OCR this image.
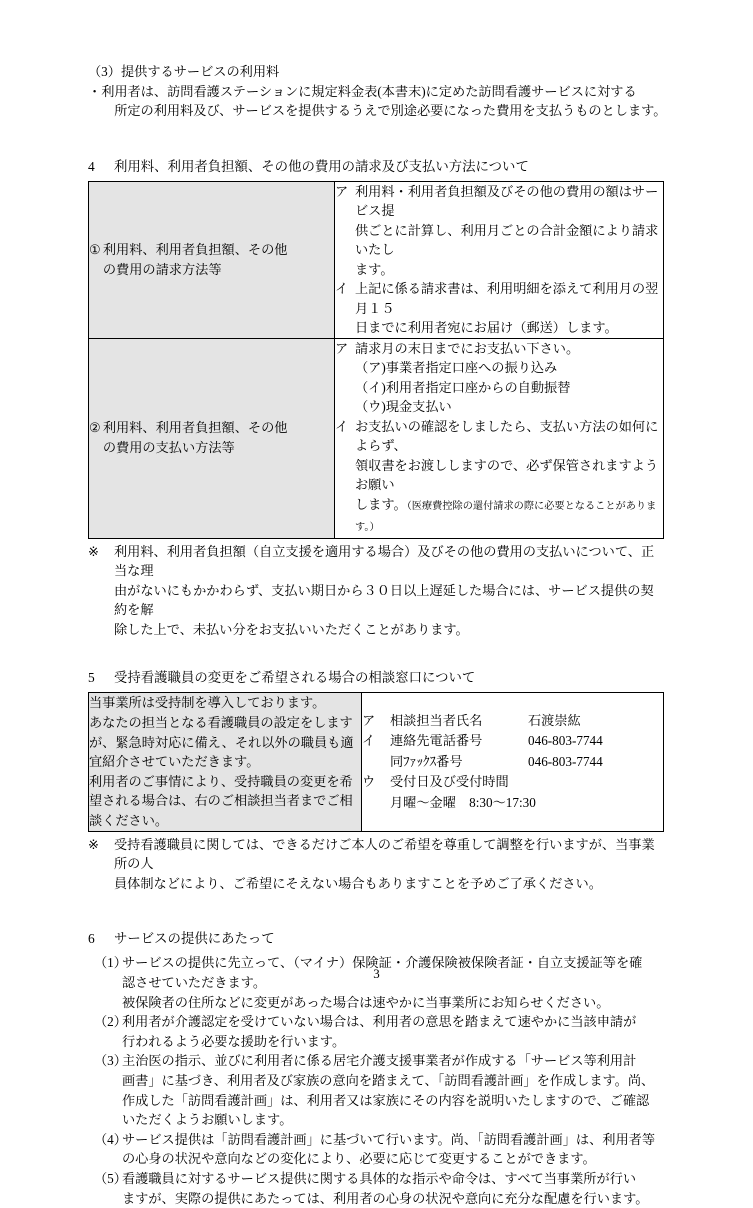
（3）提供するサービスの利用料
・ 利用者は、訪問看護ステーションに規定料金表(本書末)に定めた訪問看護サービスに対する
所定の利用料及び、サービスを提供するうえで別途必要になった費用を支払うものとします。
4 利用料、利用者負担額、その他の費用の請求及び支払い方法について
① 利用料、利用者負担額、その他
の費用の請求方法等

ア 利用料・利用者負担額及びその他の費用の額はサービス提
供ごとに計算し、利用月ごとの合計金額により請求いたし
ます。
イ 上記に係る請求書は、利用明細を添えて利用月の翌月１５
日までに利用者宛にお届け（郵送）します。

② 利用料、利用者負担額、その他
の費用の支払い方法等

ア 請求月の末日までにお支払い下さい。
（ア)事業者指定口座への振り込み
（イ)利用者指定口座からの自動振替
（ウ)現金支払い
イ お支払いの確認をしましたら、支払い方法の如何によらず、
領収書をお渡ししますので、必ず保管されますようお願い
します。（医療費控除の還付請求の際に必要となることがあります。）
※	利用料、利用者負担額（自立支援を適用する場合）及びその他の費用の支払いについて、正当な理
由がないにもかかわらず、支払い期日から３０日以上遅延した場合には、サービス提供の契約を解
除した上で、未払い分をお支払いいただくことがあります。
5 受持看護職員の変更をご希望される場合の相談窓口について
当事業所は受持制を導入しております。
あなたの担当となる看護職員の設定をします
が、緊急時対応に備え、それ以外の職員も適
宜紹介させていただきます。
利用者のご事情により、受持職員の変更を希
望される場合は、右のご相談担当者までご相
談ください。

ア	相談担当者氏名	石渡崇紘
イ	連絡先電話番号	046-803-7744
同ﾌｧｯｸｽ番号	046-803-7744
ウ	受付日及び受付時間
月曜～金曜　8:30～17:30
※	受持看護職員に関しては、できるだけご本人のご希望を尊重して調整を行いますが、当事業所の人
員体制などにより、ご希望にそえない場合もありますことを予めご了承ください。
6 サービスの提供にあたって
（1）
サービスの提供に先立って、（マイナ）保険証・介護保険被保険者証・自立支援証等を確
認させていただきます。
被保険者の住所などに変更があった場合は速やかに当事業所にお知らせください。
（2）
利用者が介護認定を受けていない場合は、利用者の意思を踏まえて速やかに当該申請が
行われるよう必要な援助を行います。
（3）
主治医の指示、並びに利用者に係る居宅介護支援事業者が作成する「サービス等利用計
画書」に基づき、利用者及び家族の意向を踏まえて、「訪問看護計画」を作成します。尚、
作成した「訪問看護計画」は、利用者又は家族にその内容を説明いたしますので、ご確認
いただくようお願いします。
（4）
サービス提供は「訪問看護計画」に基づいて行います。尚、「訪問看護計画」は、利用者等
の心身の状況や意向などの変化により、必要に応じて変更することができます。
（5）
看護職員に対するサービス提供に関する具体的な指示や命令は、すべて当事業所が行い
ますが、実際の提供にあたっては、利用者の心身の状況や意向に充分な配慮を行います。
3
